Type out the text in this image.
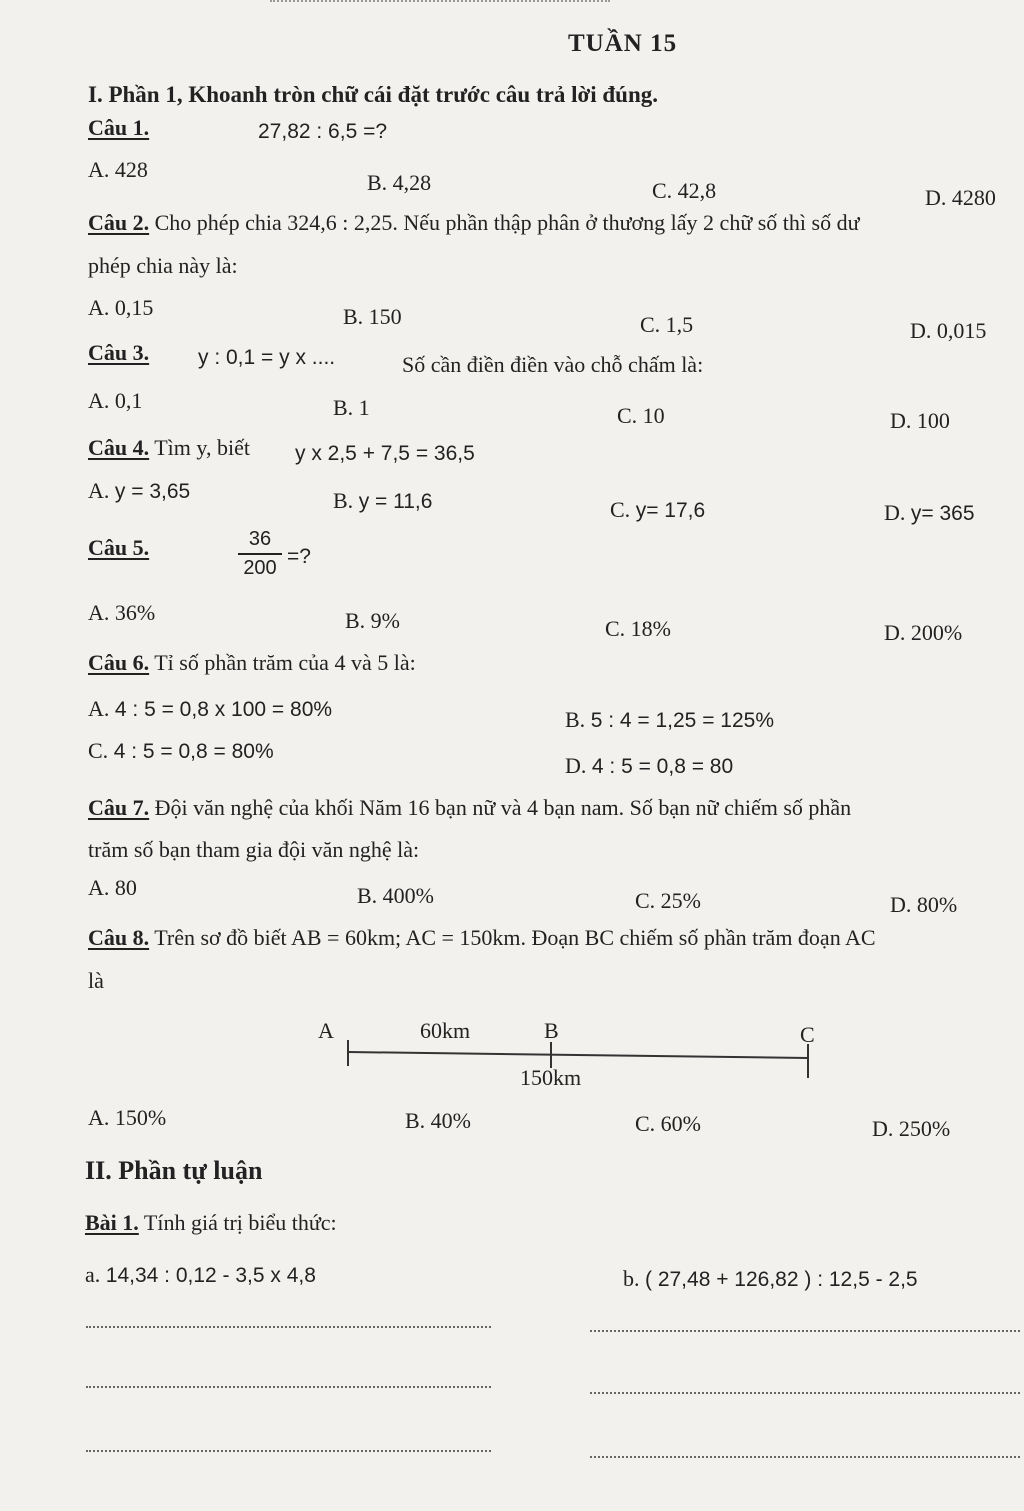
TUẦN 15
I. Phần 1, Khoanh tròn chữ cái đặt trước câu trả lời đúng.
Câu 1.	27,82 : 6,5 =?
A. 428
B. 4,28	C. 42,8	D. 4280
Câu 2. Cho phép chia 324,6 : 2,25. Nếu phần thập phân ở thương lấy 2 chữ số thì số dư
phép chia này là:
A. 0,15	B. 150	C. 1,5	D. 0,015
Câu 3. y : 0,1 = y x ....	Số cần điền điền vào chỗ chấm là:
A. 0,1	B. 1	C. 10	D. 100
Câu 4. Tìm y, biết y x 2,5 + 7,5 = 36,5
A. y = 3,65	B. y = 11,6	C. y= 17,6	D. y= 365
Câu 5.	$\frac{36}{200}$ =?
A. 36%	B. 9%	C. 18%	D. 200%
Câu 6. Tỉ số phần trăm của 4 và 5 là:
A. 4 : 5 = 0,8 x 100 = 80%	B. 5 : 4 = 1,25 = 125%
C. 4 : 5 = 0,8 = 80%
D. 4 : 5 = 0,8 = 80
Câu 7. Đội văn nghệ của khối Năm 16 bạn nữ và 4 bạn nam. Số bạn nữ chiếm số phần
trăm số bạn tham gia đội văn nghệ là:
A. 80	B. 400%	C. 25%	D. 80%
Câu 8. Trên sơ đồ biết AB = 60km; AC = 150km. Đoạn BC chiếm số phần trăm đoạn AC
là
A	60km	B	C
150km
A. 150%	B. 40%	C. 60%	D. 250%
II. Phần tự luận
Bài 1. Tính giá trị biểu thức:
a. 14,34 : 0,12 - 3,5 x 4,8	b. ( 27,48 + 126,82 ) : 12,5 - 2,5
